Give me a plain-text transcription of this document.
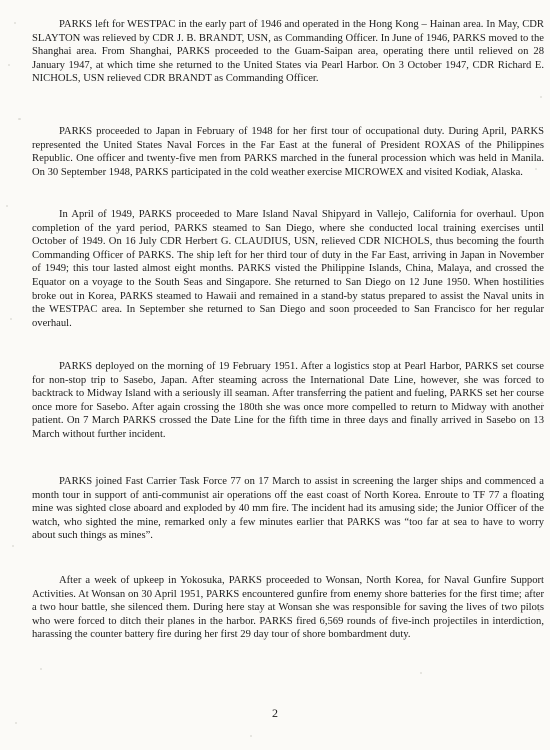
PARKS left for WESTPAC in the early part of 1946 and operated in the Hong Kong – Hainan area. In May, CDR SLAYTON was relieved by CDR J. B. BRANDT, USN, as Commanding Officer. In June of 1946, PARKS moved to the Shanghai area. From Shanghai, PARKS proceeded to the Guam-Saipan area, operating there until relieved on 28 January 1947, at which time she returned to the United States via Pearl Harbor. On 3 October 1947, CDR Richard E. NICHOLS, USN relieved CDR BRANDT as Commanding Officer.

PARKS proceeded to Japan in February of 1948 for her first tour of occupational duty. During April, PARKS represented the United States Naval Forces in the Far East at the funeral of President ROXAS of the Philippines Republic. One officer and twenty-five men from PARKS marched in the funeral procession which was held in Manila. On 30 September 1948, PARKS participated in the cold weather exercise MICROWEX and visited Kodiak, Alaska.

In April of 1949, PARKS proceeded to Mare Island Naval Shipyard in Vallejo, California for overhaul. Upon completion of the yard period, PARKS steamed to San Diego, where she conducted local training exercises until October of 1949. On 16 July CDR Herbert G. CLAUDIUS, USN, relieved CDR NICHOLS, thus becoming the fourth Commanding Officer of PARKS. The ship left for her third tour of duty in the Far East, arriving in Japan in November of 1949; this tour lasted almost eight months. PARKS visted the Philippine Islands, China, Malaya, and crossed the Equator on a voyage to the South Seas and Singapore. She returned to San Diego on 12 June 1950. When hostilities broke out in Korea, PARKS steamed to Hawaii and remained in a stand-by status prepared to assist the Naval units in the WESTPAC area. In September she returned to San Diego and soon proceeded to San Francisco for her regular overhaul.

PARKS deployed on the morning of 19 February 1951. After a logistics stop at Pearl Harbor, PARKS set course for non-stop trip to Sasebo, Japan. After steaming across the International Date Line, however, she was forced to backtrack to Midway Island with a seriously ill seaman. After transferring the patient and fueling, PARKS set her course once more for Sasebo. After again crossing the 180th she was once more compelled to return to Midway with another patient. On 7 March PARKS crossed the Date Line for the fifth time in three days and finally arrived in Sasebo on 13 March without further incident.

PARKS joined Fast Carrier Task Force 77 on 17 March to assist in screening the larger ships and commenced a month tour in support of anti-communist air operations off the east coast of North Korea. Enroute to TF 77 a floating mine was sighted close aboard and exploded by 40 mm fire. The incident had its amusing side; the Junior Officer of the watch, who sighted the mine, remarked only a few minutes earlier that PARKS was “too far at sea to have to worry about such things as mines”.

After a week of upkeep in Yokosuka, PARKS proceeded to Wonsan, North Korea, for Naval Gunfire Support Activities. At Wonsan on 30 April 1951, PARKS encountered gunfire from enemy shore batteries for the first time; after a two hour battle, she silenced them. During here stay at Wonsan she was responsible for saving the lives of two pilots who were forced to ditch their planes in the harbor. PARKS fired 6,569 rounds of five-inch projectiles in interdiction, harassing the counter battery fire during her first 29 day tour of shore bombardment duty.

2
